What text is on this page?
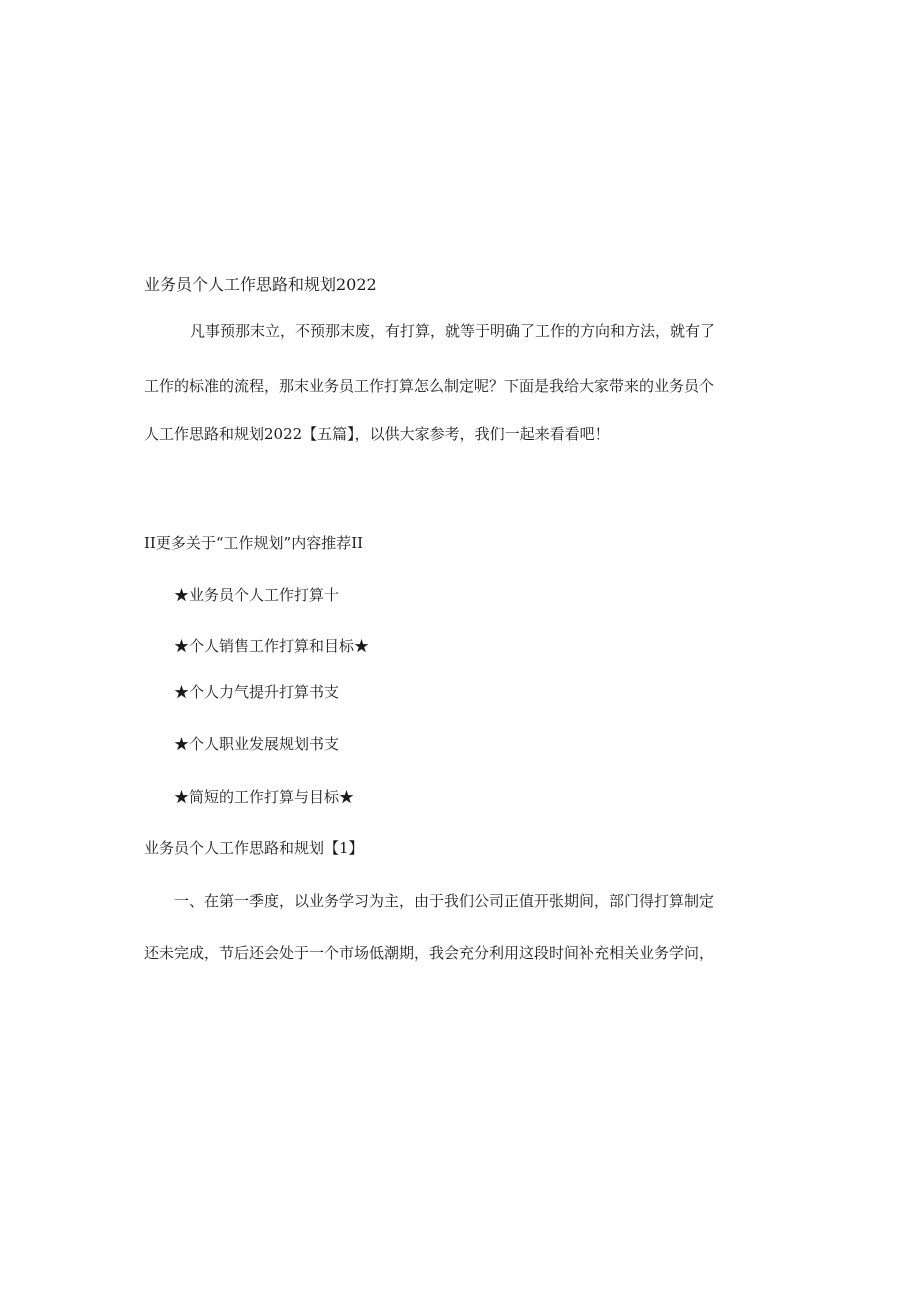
业务员个人工作思路和规划2022
凡事预那末立，不预那末废，有打算，就等于明确了工作的方向和方法，就有了
工作的标准的流程，那末业务员工作打算怎么制定呢？下面是我给大家带来的业务员个
人工作思路和规划2022【五篇】，以供大家参考，我们一起来看看吧！
II更多关于“工作规划”内容推荐II
★业务员个人工作打算十
★个人销售工作打算和目标★
★个人力气提升打算书支
★个人职业发展规划书支
★简短的工作打算与目标★
业务员个人工作思路和规划【1】
一、在第一季度，以业务学习为主，由于我们公司正值开张期间，部门得打算制定
还未完成，节后还会处于一个市场低潮期，我会充分利用这段时间补充相关业务学问，
